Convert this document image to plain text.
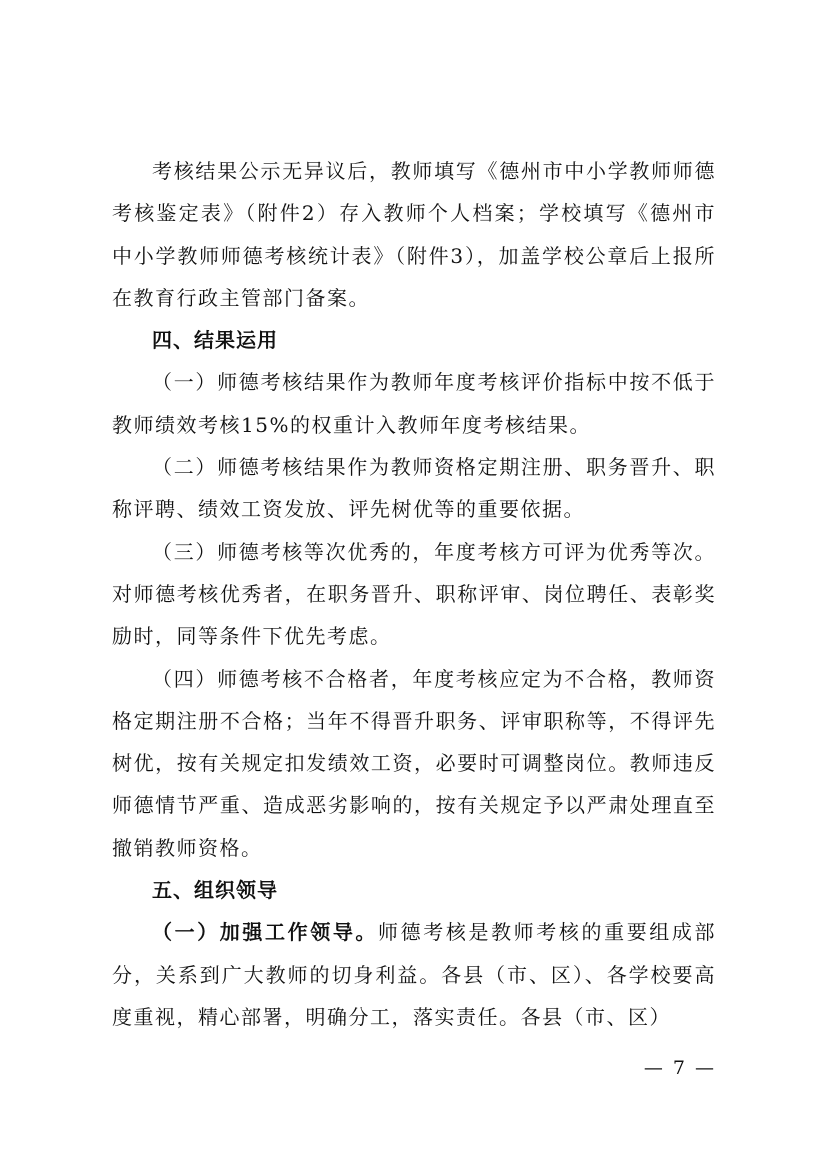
考核结果公示无异议后，教师填写《德州市中小学教师师德考核鉴定表》（附件2）存入教师个人档案；学校填写《德州市中小学教师师德考核统计表》（附件3），加盖学校公章后上报所在教育行政主管部门备案。

四、结果运用

（一）师德考核结果作为教师年度考核评价指标中按不低于教师绩效考核15%的权重计入教师年度考核结果。

（二）师德考核结果作为教师资格定期注册、职务晋升、职称评聘、绩效工资发放、评先树优等的重要依据。

（三）师德考核等次优秀的，年度考核方可评为优秀等次。对师德考核优秀者，在职务晋升、职称评审、岗位聘任、表彰奖励时，同等条件下优先考虑。

（四）师德考核不合格者，年度考核应定为不合格，教师资格定期注册不合格；当年不得晋升职务、评审职称等，不得评先树优，按有关规定扣发绩效工资，必要时可调整岗位。教师违反师德情节严重、造成恶劣影响的，按有关规定予以严肃处理直至撤销教师资格。

五、组织领导

（一）加强工作领导。师德考核是教师考核的重要组成部分，关系到广大教师的切身利益。各县（市、区）、各学校要高度重视，精心部署，明确分工，落实责任。各县（市、区）

— 7 —
